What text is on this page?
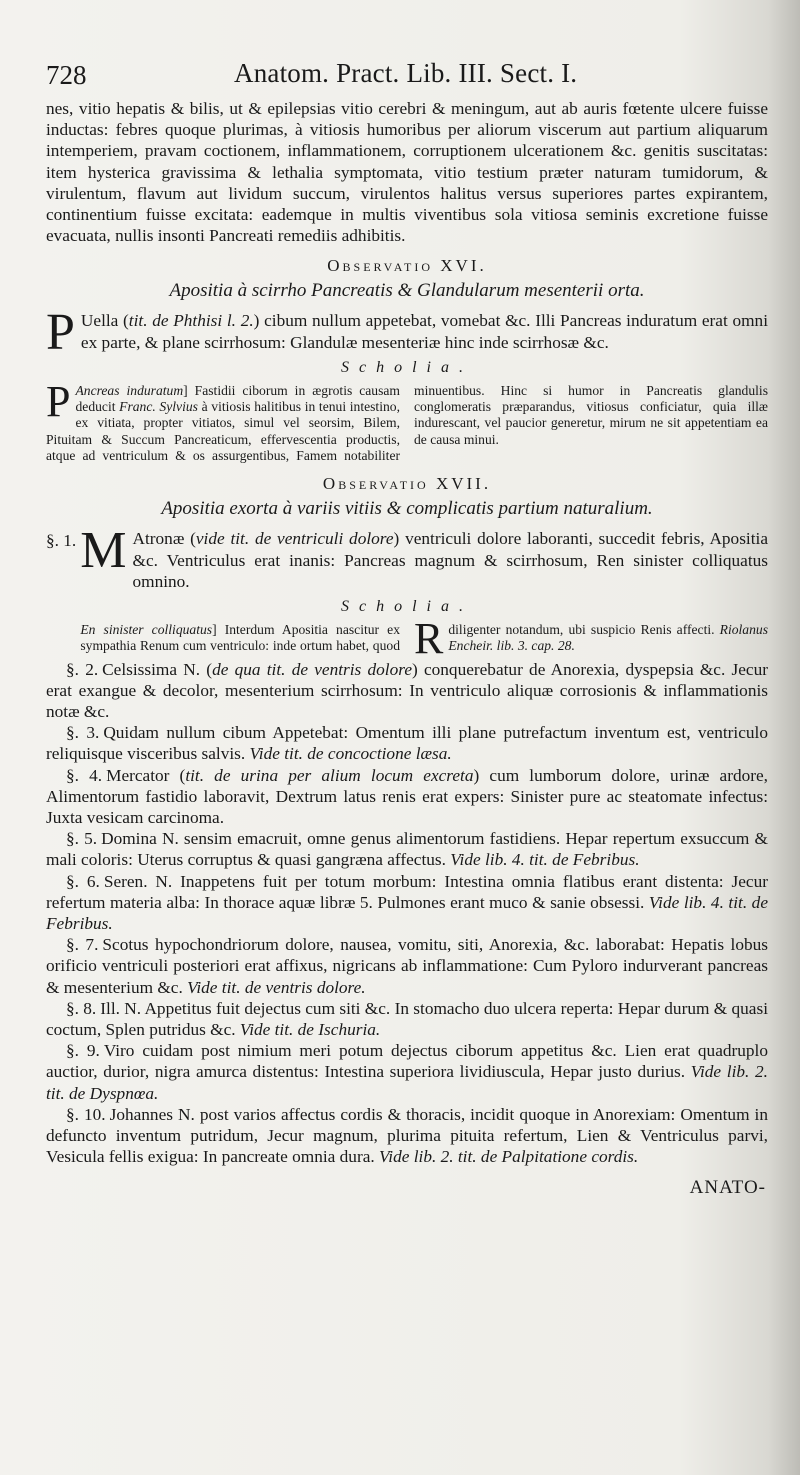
728	Anatom. Pract. Lib. III. Sect. I.

nes, vitio hepatis & bilis, ut & epilepsias vitio cerebri & meningum, aut ab auris fœtente ulcere fuisse inductas: febres quoque plurimas, à vitiosis humoribus per aliorum viscerum aut partium aliquarum intemperiem, pravam coctionem, inflammationem, corruptionem ulcerationem &c. genitis suscitatas: item hysterica gravissima & lethalia symptomata, vitio testium præter naturam tumidorum, & virulentum, flavum aut lividum succum, virulentos halitus versus superiores partes expirantem, continentium fuisse excitata: eademque in multis viventibus sola vitiosa seminis excretione fuisse evacuata, nullis insonti Pancreati remediis adhibitis.

Observatio XVI.
Apositia à scirrho Pancreatis & Glandularum mesenterii orta.

P Uella (tit. de Phthisi l. 2.) cibum nullum appetebat, vomebat &c. Illi Pancreas induratum erat omni ex parte, & plane scirrhosum: Glandulæ mesenteriæ hinc inde scirrhosæ &c.

Scholia.
P Ancreas induratum] Fastidii ciborum in ægrotis causam deducit Franc. Sylvius à vitiosis halitibus in tenui intestino, ex vitiata, propter vitiatos, simul vel seorsim, Bilem, Pituitam & Succum Pancreaticum, effervescentia productis, atque ad ventriculum & os assurgentibus, Famem notabiliter minuentibus. Hinc si humor in Pancreatis glandulis conglomeratis præparandus, vitiosus conficiatur, quia illæ indurescant, vel paucior generetur, mirum ne sit appetentiam ea de causa minui.
Observatio XVII.
Apositia exorta à variis vitiis & complicatis partium naturalium.

§. 1. M Atronæ (vide tit. de ventriculi dolore) ventriculi dolore laboranti, succedit febris, Apositia &c. Ventriculus erat inanis: Pancreas magnum & scirrhosum, Ren sinister colliquatus omnino.

Scholia.
R
En sinister colliquatus] Interdum Apositia nascitur ex sympathia Renum cum ventriculo: inde ortum habet, quod diligenter notandum, ubi suspicio Renis affecti. Riolanus Encheir. lib. 3. cap. 28.

§. 2. Celsissima N. (de qua tit. de ventris dolore) conquerebatur de Anorexia, dyspepsia &c. Jecur erat exangue & decolor, mesenterium scirrhosum: In ventriculo aliquæ corrosionis & inflammationis notæ &c.

§. 3. Quidam nullum cibum Appetebat: Omentum illi plane putrefactum inventum est, ventriculo reliquisque visceribus salvis. Vide tit. de concoctione læsa.

§. 4. Mercator (tit. de urina per alium locum excreta) cum lumborum dolore, urinæ ardore, Alimentorum fastidio laboravit, Dextrum latus renis erat expers: Sinister pure ac steatomate infectus: Juxta vesicam carcinoma.

§. 5. Domina N. sensim emacruit, omne genus alimentorum fastidiens. Hepar repertum exsuccum & mali coloris: Uterus corruptus & quasi gangræna affectus. Vide lib. 4. tit. de Febribus.

§. 6. Seren. N. Inappetens fuit per totum morbum: Intestina omnia flatibus erant distenta: Jecur refertum materia alba: In thorace aquæ libræ 5. Pulmones erant muco & sanie obsessi. Vide lib. 4. tit. de Febribus.

§. 7. Scotus hypochondriorum dolore, nausea, vomitu, siti, Anorexia, &c. laborabat: Hepatis lobus orificio ventriculi posteriori erat affixus, nigricans ab inflammatione: Cum Pyloro indurverant pancreas & mesenterium &c. Vide tit. de ventris dolore.

§. 8. Ill. N. Appetitus fuit dejectus cum siti &c. In stomacho duo ulcera reperta: Hepar durum & quasi coctum, Splen putridus &c. Vide tit. de Ischuria.

§. 9. Viro cuidam post nimium meri potum dejectus ciborum appetitus &c. Lien erat quadruplo auctior, durior, nigra amurca distentus: Intestina superiora lividiuscula, Hepar justo durius. Vide lib. 2. tit. de Dyspnœa.

§. 10. Johannes N. post varios affectus cordis & thoracis, incidit quoque in Anorexiam: Omentum in defuncto inventum putridum, Jecur magnum, plurima pituita refertum, Lien & Ventriculus parvi, Vesicula fellis exigua: In pancreate omnia dura. Vide lib. 2. tit. de Palpitatione cordis.

ANATO-
